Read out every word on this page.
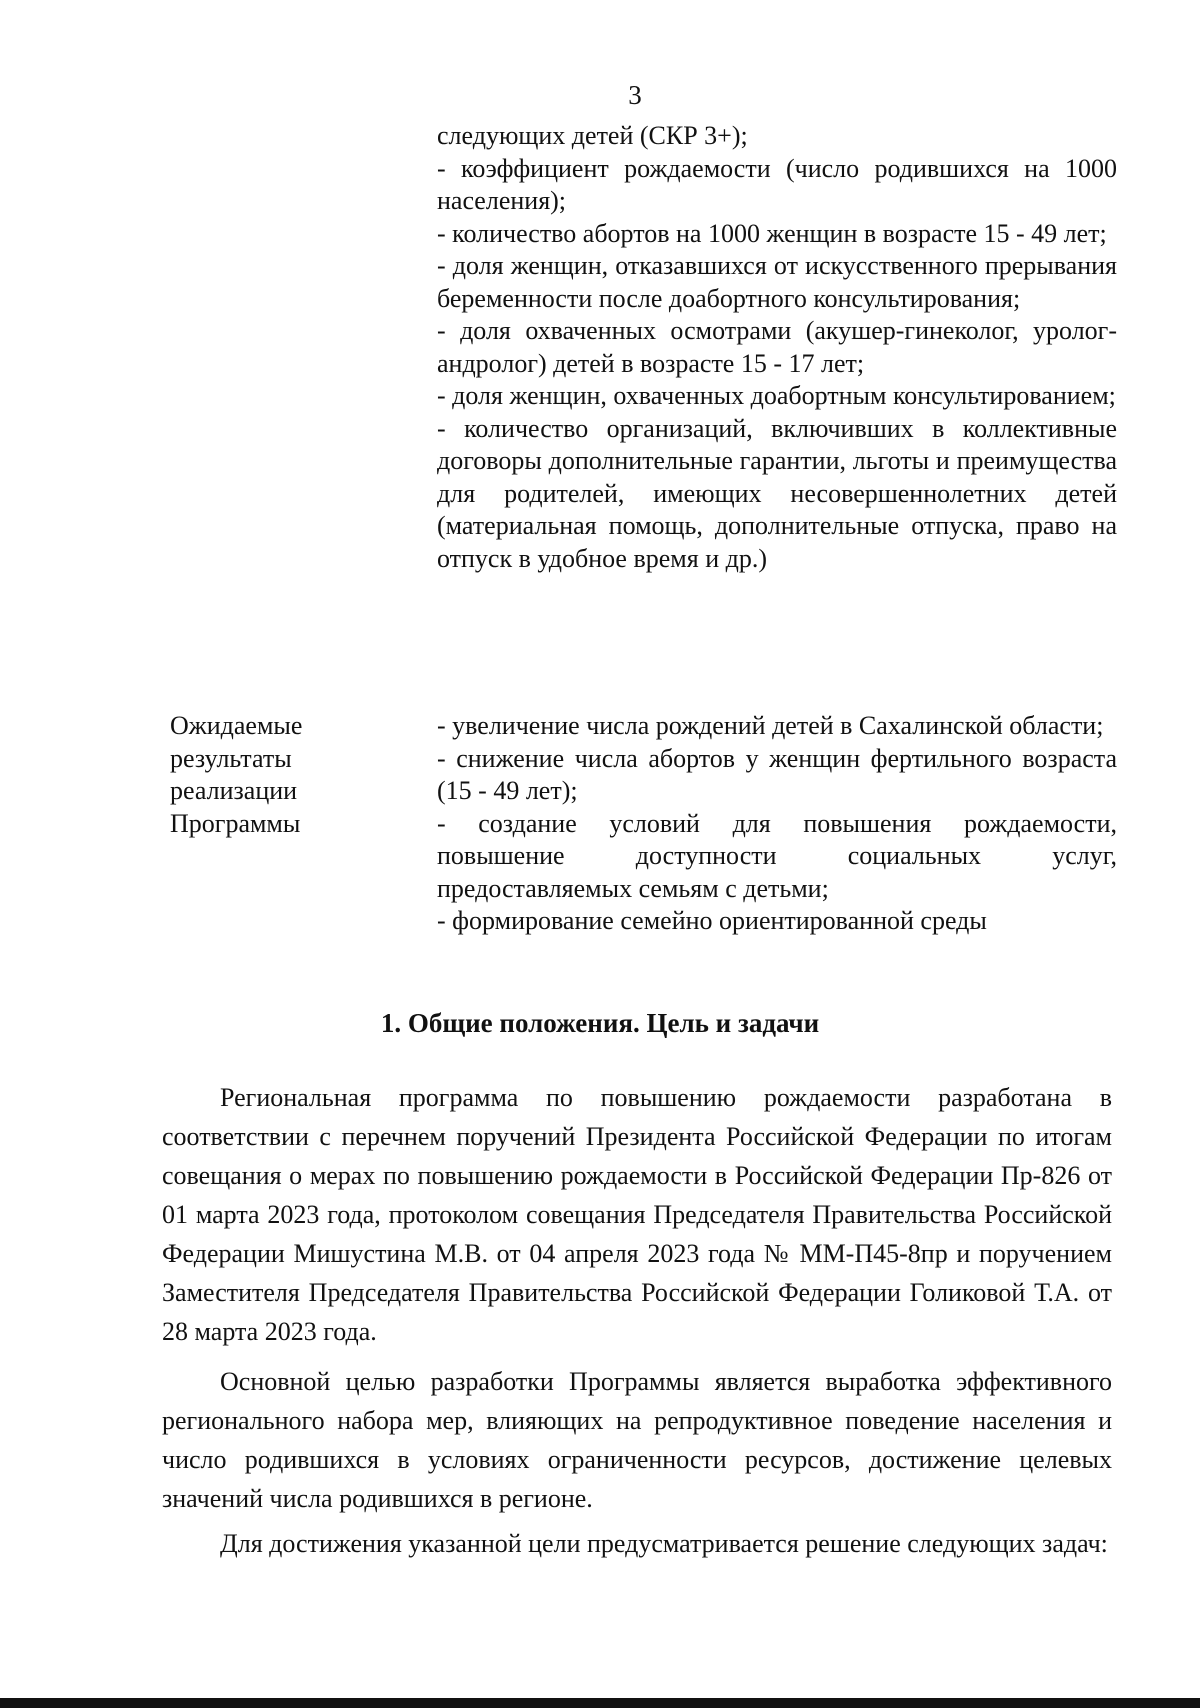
3
следующих детей (СКР 3+);
- коэффициент рождаемости (число родившихся на 1000 населения);
- количество абортов на 1000 женщин в возрасте 15 - 49 лет;
- доля женщин, отказавшихся от искусственного прерывания беременности после доабортного консультирования;
- доля охваченных осмотрами (акушер-гинеколог, уролог-андролог) детей в возрасте 15 - 17 лет;
- доля женщин, охваченных доабортным консультированием;
- количество организаций, включивших в коллективные договоры дополнительные гарантии, льготы и преимущества для родителей, имеющих несовершеннолетних детей (материальная помощь, дополнительные отпуска, право на отпуск в удобное время и др.)
Ожидаемые результаты реализации Программы
- увеличение числа рождений детей в Сахалинской области;
- снижение числа абортов у женщин фертильного возраста (15 - 49 лет);
- создание условий для повышения рождаемости, повышение доступности социальных услуг, предоставляемых семьям с детьми;
- формирование семейно ориентированной среды
1. Общие положения. Цель и задачи

Региональная программа по повышению рождаемости разработана в соответствии с перечнем поручений Президента Российской Федерации по итогам совещания о мерах по повышению рождаемости в Российской Федерации Пр-826 от 01 марта 2023 года, протоколом совещания Председателя Правительства Российской Федерации Мишустина М.В. от 04 апреля 2023 года № ММ-П45-8пр и поручением Заместителя Председателя Правительства Российской Федерации Голиковой Т.А. от 28 марта 2023 года.

Основной целью разработки Программы является выработка эффективного регионального набора мер, влияющих на репродуктивное поведение населения и число родившихся в условиях ограниченности ресурсов, достижение целевых значений числа родившихся в регионе.

Для достижения указанной цели предусматривается решение следующих задач:
